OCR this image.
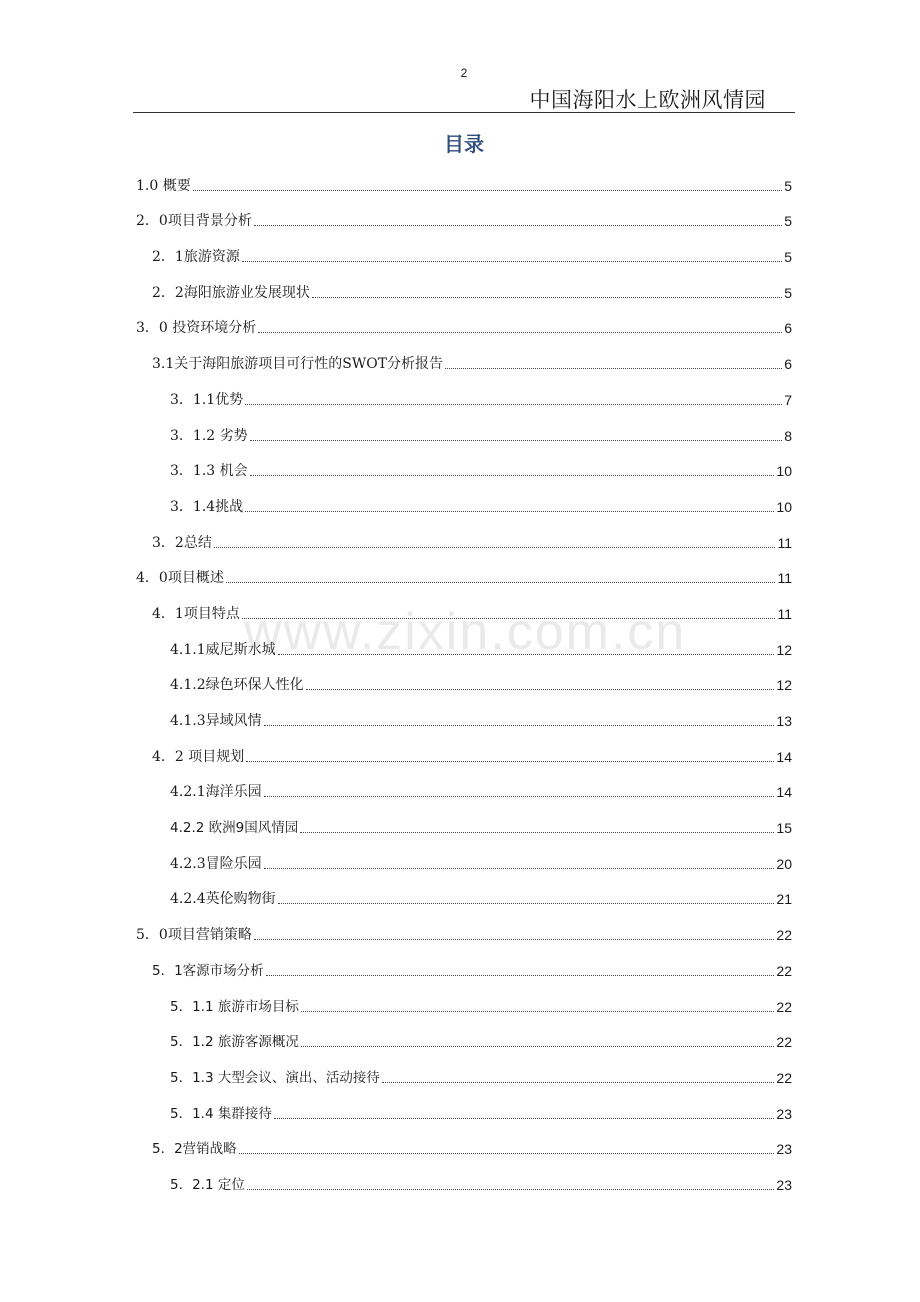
2
中国海阳水上欧洲风情园
目录
1.0 概要	5
2．0项目背景分析	5
2．1旅游资源	5
2．2海阳旅游业发展现状	5
3．0 投资环境分析	6
3.1关于海阳旅游项目可行性的SWOT分析报告	6
3．1.1优势	7
3．1.2 劣势	8
3．1.3 机会	10
3．1.4挑战	10
3．2总结	11
4．0项目概述	11
4．1项目特点	11
4.1.1威尼斯水城	12
4.1.2绿色环保人性化	12
4.1.3异域风情	13
4．2 项目规划	14
4.2.1海洋乐园	14
4.2.2 欧洲9国风情园	15
4.2.3冒险乐园	20
4.2.4英伦购物街	21
5．0项目营销策略	22
5．1客源市场分析	22
5．1.1 旅游市场目标	22
5．1.2 旅游客源概况	22
5．1.3 大型会议、演出、活动接待	22
5．1.4 集群接待	23
5．2营销战略	23
5．2.1 定位	23
www.zixin.com.cn
